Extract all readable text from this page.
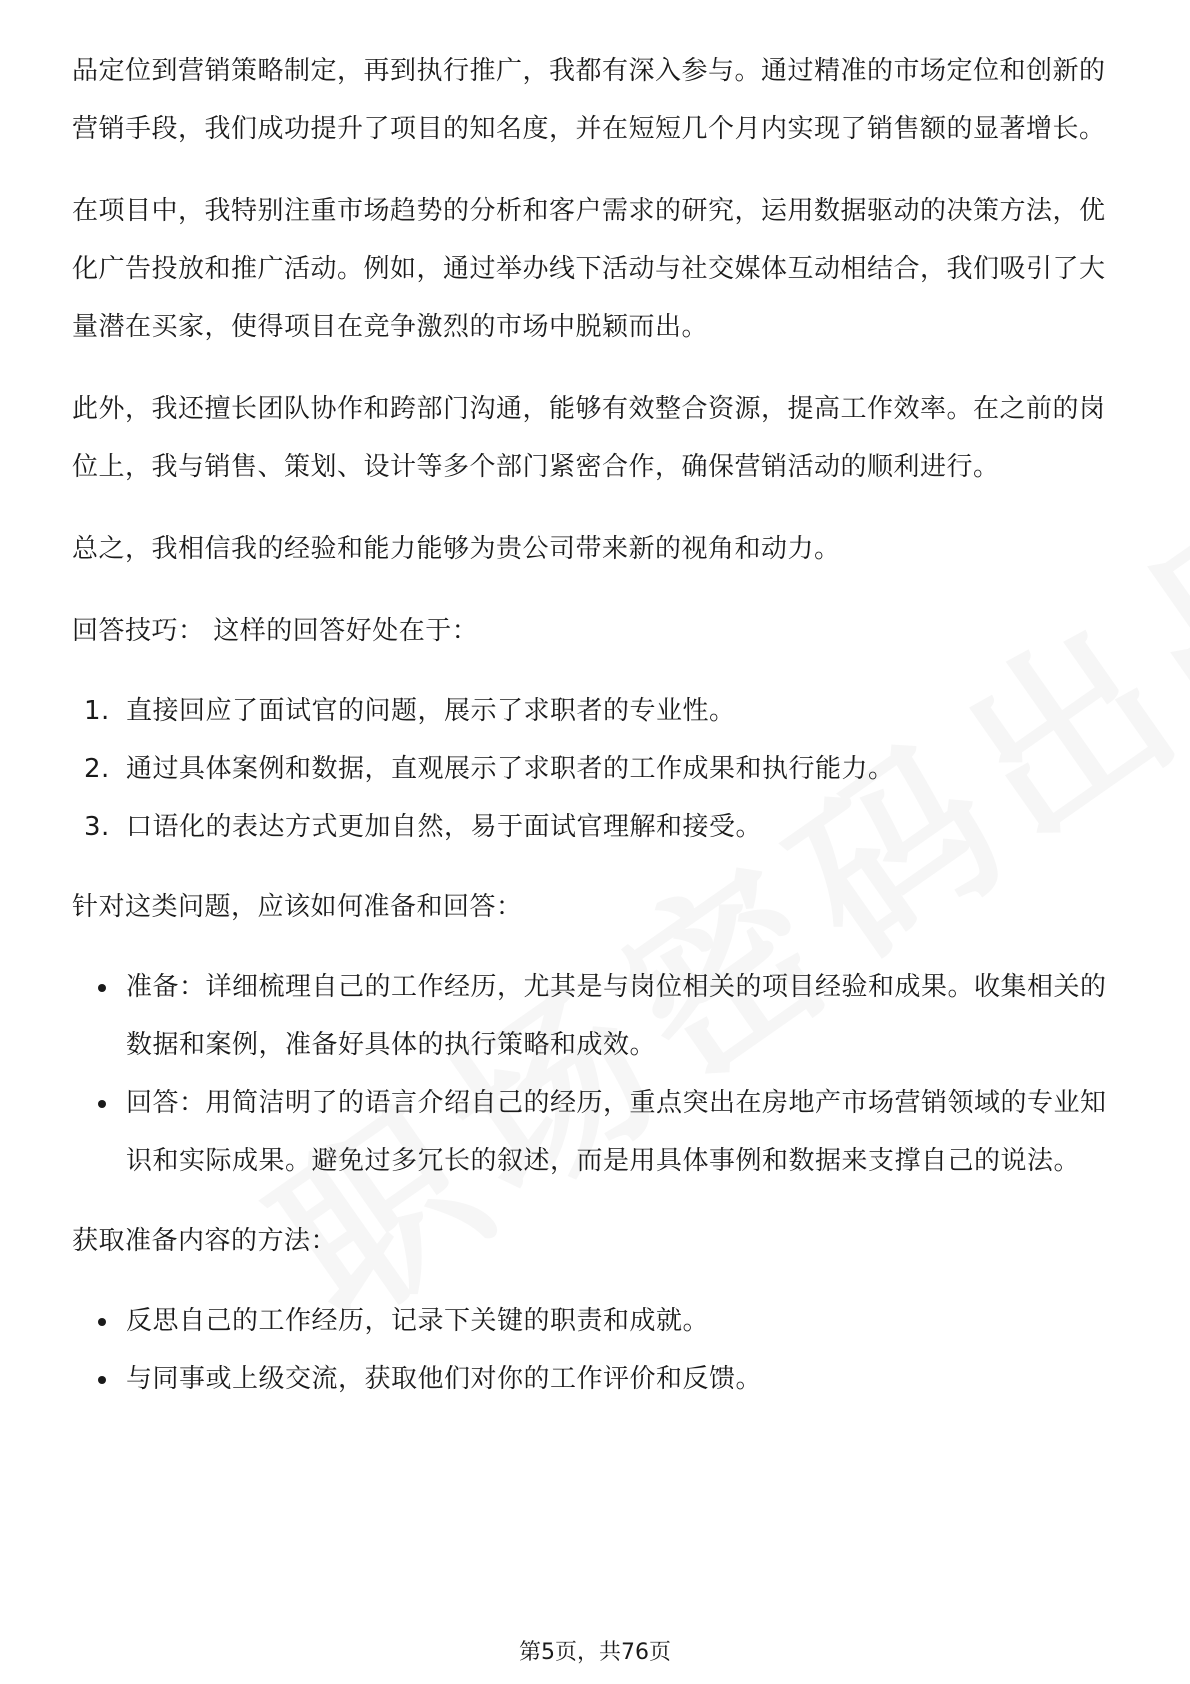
品定位到营销策略制定，再到执行推广，我都有深入参与。通过精准的市场定位和创新的营销手段，我们成功提升了项目的知名度，并在短短几个月内实现了销售额的显著增长。

在项目中，我特别注重市场趋势的分析和客户需求的研究，运用数据驱动的决策方法，优化广告投放和推广活动。例如，通过举办线下活动与社交媒体互动相结合，我们吸引了大量潜在买家，使得项目在竞争激烈的市场中脱颖而出。

此外，我还擅长团队协作和跨部门沟通，能够有效整合资源，提高工作效率。在之前的岗位上，我与销售、策划、设计等多个部门紧密合作，确保营销活动的顺利进行。

总之，我相信我的经验和能力能够为贵公司带来新的视角和动力。

回答技巧： 这样的回答好处在于：

1. 直接回应了面试官的问题，展示了求职者的专业性。
2. 通过具体案例和数据，直观展示了求职者的工作成果和执行能力。
3. 口语化的表达方式更加自然，易于面试官理解和接受。

针对这类问题，应该如何准备和回答：

准备：详细梳理自己的工作经历，尤其是与岗位相关的项目经验和成果。收集相关的数据和案例，准备好具体的执行策略和成效。
回答：用简洁明了的语言介绍自己的经历，重点突出在房地产市场营销领域的专业知识和实际成果。避免过多冗长的叙述，而是用具体事例和数据来支撑自己的说法。

获取准备内容的方法：

反思自己的工作经历，记录下关键的职责和成就。
与同事或上级交流，获取他们对你的工作评价和反馈。
第5页，共76页
